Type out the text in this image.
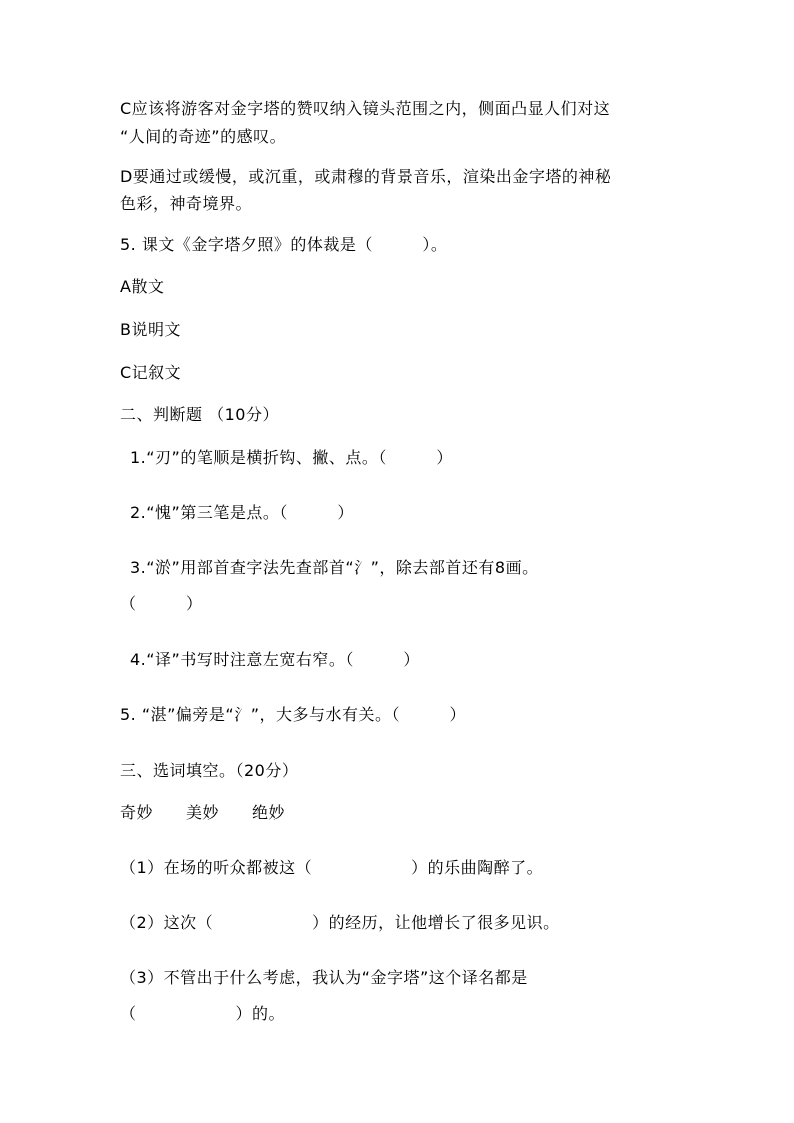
C应该将游客对金字塔的赞叹纳入镜头范围之内，侧面凸显人们对这
“人间的奇迹”的感叹。
D要通过或缓慢，或沉重，或肃穆的背景音乐，渲染出金字塔的神秘
色彩，神奇境界。
5. 课文《金字塔夕照》的体裁是（　　　）。
A散文
B说明文
C记叙文
二、判断题 （10分）
1.“刃”的笔顺是横折钩、撇、点。（　　　）
2.“愧”第三笔是点。（　　　）
3.“淤”用部首查字法先查部首“氵”，除去部首还有8画。
（　　　）
4.“译”书写时注意左宽右窄。（　　　）
5. “湛”偏旁是“氵”，大多与水有关。（　　　）
三、选词填空。（20分）
奇妙　　美妙　　绝妙
（1）在场的听众都被这（　　　　　　）的乐曲陶醉了。
（2）这次（　　　　　　）的经历，让他增长了很多见识。
（3）不管出于什么考虑，我认为“金字塔”这个译名都是
（　　　　　　）的。
